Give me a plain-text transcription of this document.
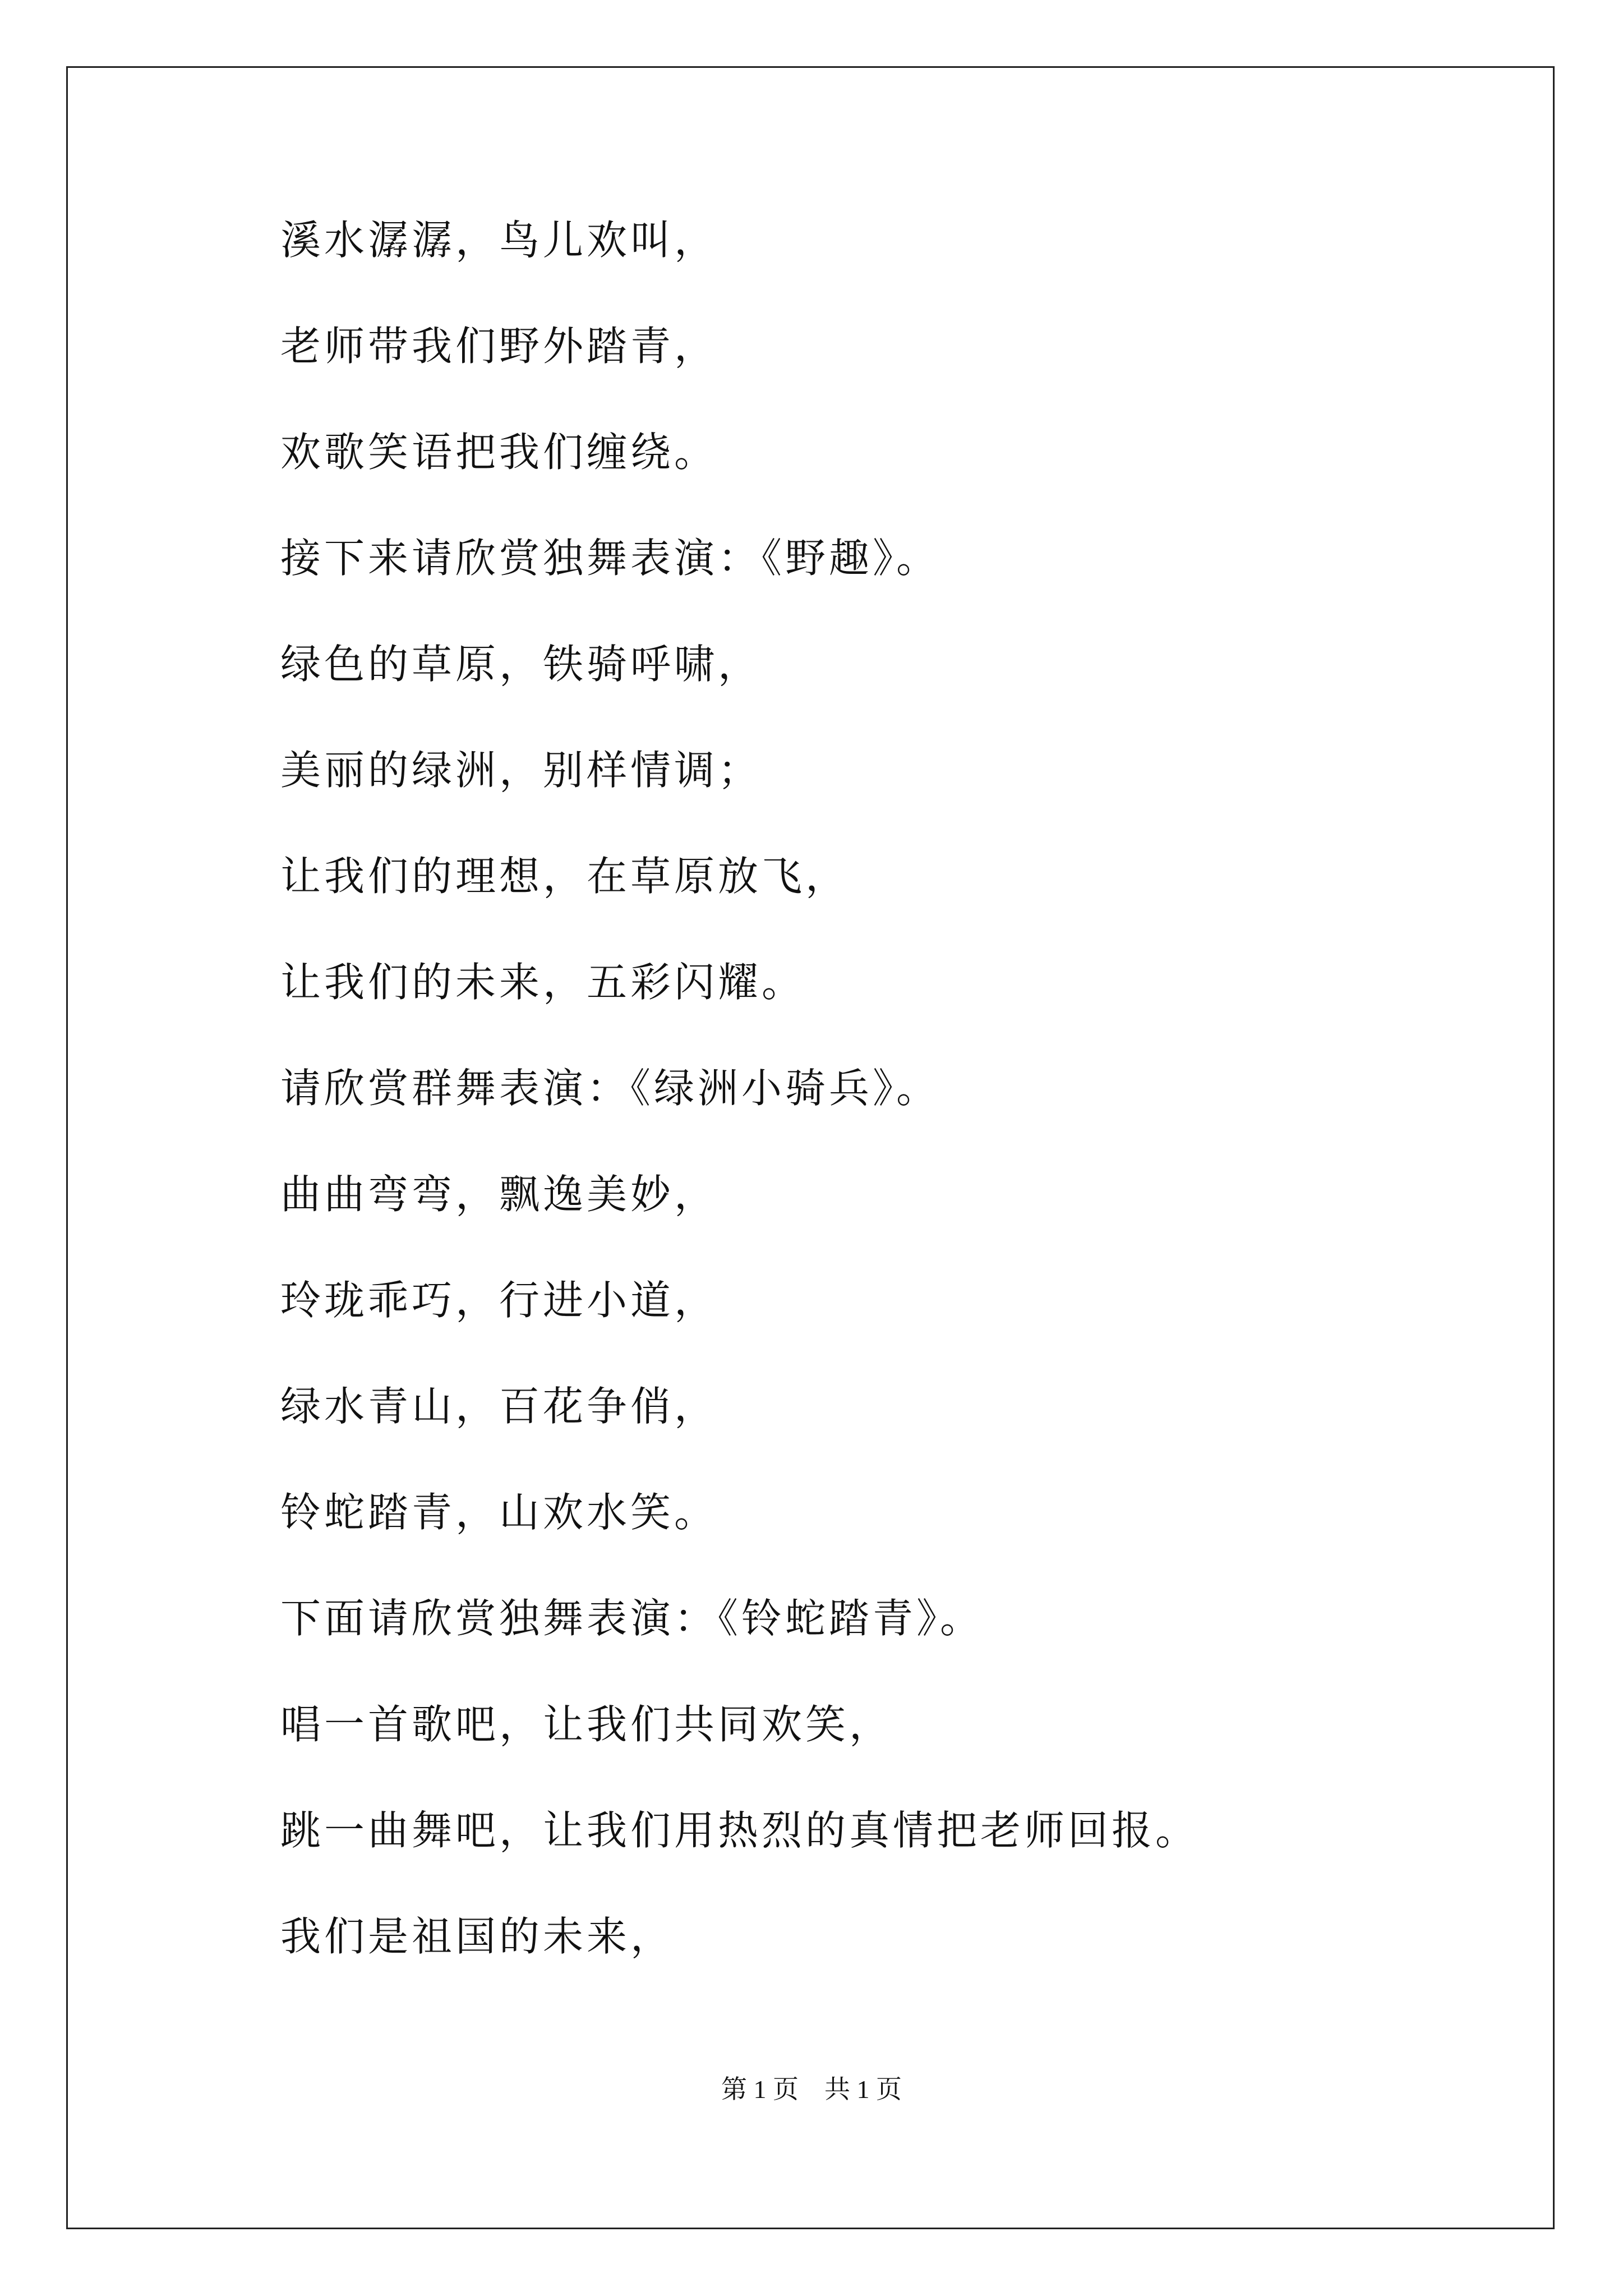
溪水潺潺，鸟儿欢叫，
老师带我们野外踏青，
欢歌笑语把我们缠绕。
接下来请欣赏独舞表演：《野趣》。
绿色的草原，铁骑呼啸，
美丽的绿洲，别样情调；
让我们的理想，在草原放飞，
让我们的未来，五彩闪耀。
请欣赏群舞表演：《绿洲小骑兵》。
曲曲弯弯，飘逸美妙，
玲珑乖巧，行进小道，
绿水青山，百花争俏，
铃蛇踏青，山欢水笑。
下面请欣赏独舞表演：《铃蛇踏青》。
唱一首歌吧，让我们共同欢笑，
跳一曲舞吧，让我们用热烈的真情把老师回报。
我们是祖国的未来，
第 1 页 共 1 页
